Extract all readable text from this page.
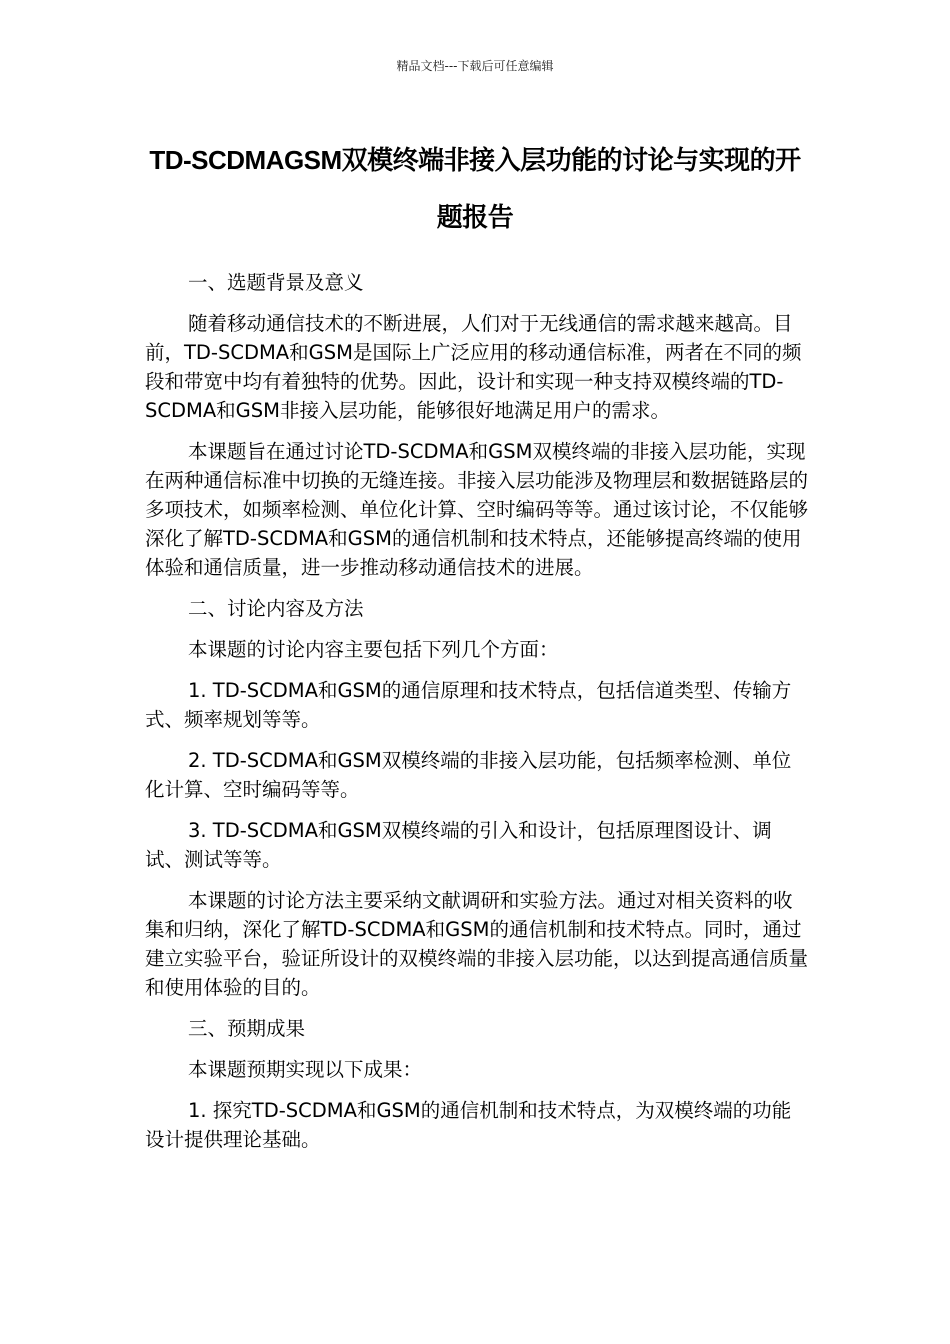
精品文档---下载后可任意编辑
TD-SCDMAGSM双模终端非接入层功能的讨论与实现的开题报告

一、选题背景及意义

随着移动通信技术的不断进展，人们对于无线通信的需求越来越高。目前，TD-SCDMA和GSM是国际上广泛应用的移动通信标准，两者在不同的频段和带宽中均有着独特的优势。因此，设计和实现一种支持双模终端的TD-SCDMA和GSM非接入层功能，能够很好地满足用户的需求。

本课题旨在通过讨论TD-SCDMA和GSM双模终端的非接入层功能，实现在两种通信标准中切换的无缝连接。非接入层功能涉及物理层和数据链路层的多项技术，如频率检测、单位化计算、空时编码等等。通过该讨论，不仅能够深化了解TD-SCDMA和GSM的通信机制和技术特点，还能够提高终端的使用体验和通信质量，进一步推动移动通信技术的进展。

二、讨论内容及方法

本课题的讨论内容主要包括下列几个方面：

1. TD-SCDMA和GSM的通信原理和技术特点，包括信道类型、传输方式、频率规划等等。

2. TD-SCDMA和GSM双模终端的非接入层功能，包括频率检测、单位化计算、空时编码等等。

3. TD-SCDMA和GSM双模终端的引入和设计，包括原理图设计、调试、测试等等。

本课题的讨论方法主要采纳文献调研和实验方法。通过对相关资料的收集和归纳，深化了解TD-SCDMA和GSM的通信机制和技术特点。同时，通过建立实验平台，验证所设计的双模终端的非接入层功能，以达到提高通信质量和使用体验的目的。

三、预期成果

本课题预期实现以下成果：

1. 探究TD-SCDMA和GSM的通信机制和技术特点，为双模终端的功能设计提供理论基础。
